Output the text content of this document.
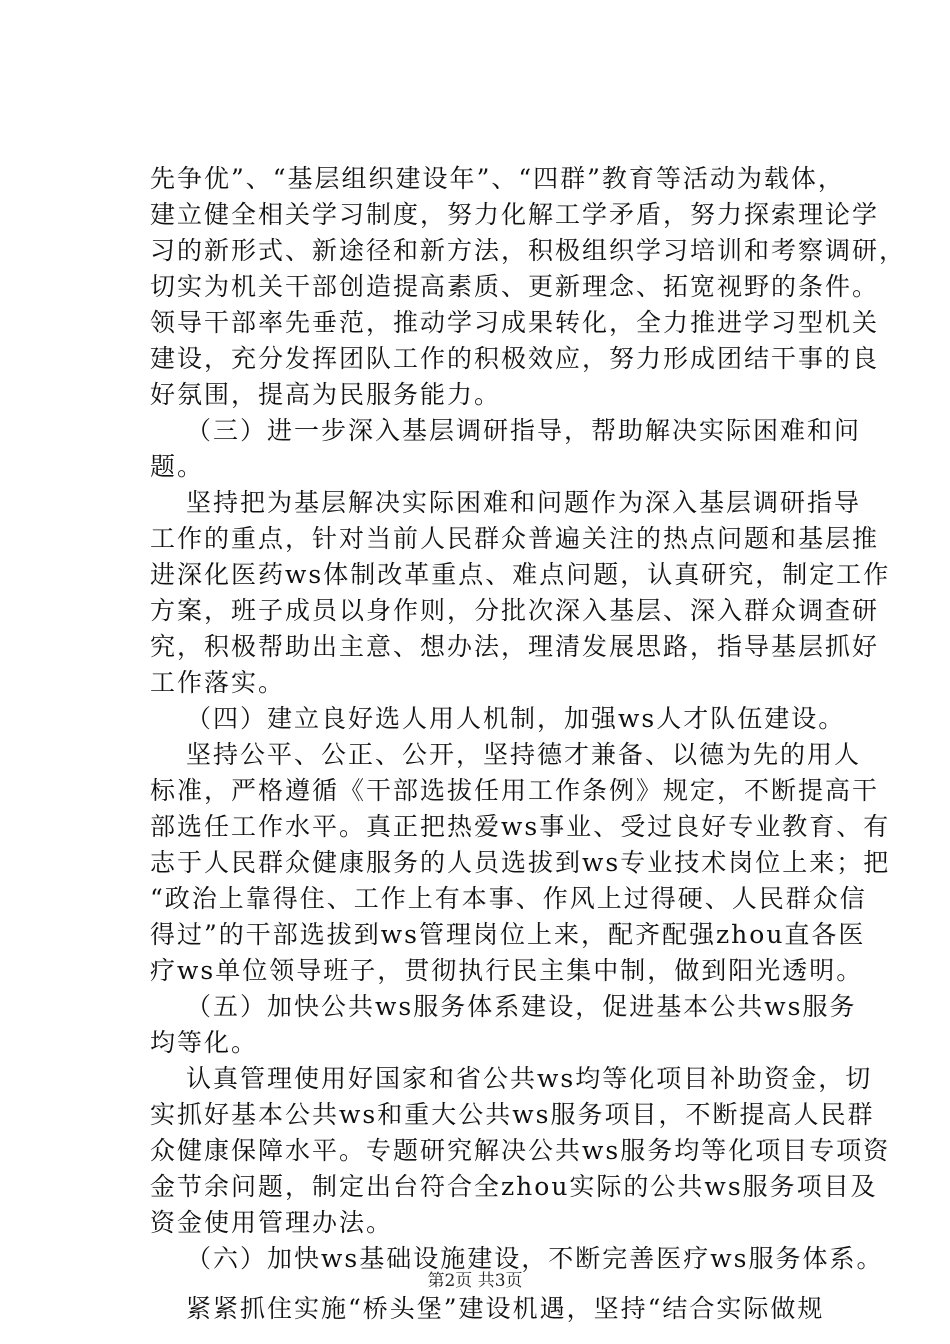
先争优”、“基层组织建设年”、“四群”教育等活动为载体，
建立健全相关学习制度，努力化解工学矛盾，努力探索理论学
习的新形式、新途径和新方法，积极组织学习培训和考察调研，
切实为机关干部创造提高素质、更新理念、拓宽视野的条件。
领导干部率先垂范，推动学习成果转化，全力推进学习型机关
建设，充分发挥团队工作的积极效应，努力形成团结干事的良
好氛围，提高为民服务能力。
（三）进一步深入基层调研指导，帮助解决实际困难和问
题。
坚持把为基层解决实际困难和问题作为深入基层调研指导
工作的重点，针对当前人民群众普遍关注的热点问题和基层推
进深化医药ws体制改革重点、难点问题，认真研究，制定工作
方案，班子成员以身作则，分批次深入基层、深入群众调查研
究，积极帮助出主意、想办法，理清发展思路，指导基层抓好
工作落实。
（四）建立良好选人用人机制，加强ws人才队伍建设。
坚持公平、公正、公开，坚持德才兼备、以德为先的用人
标准，严格遵循《干部选拔任用工作条例》规定，不断提高干
部选任工作水平。真正把热爱ws事业、受过良好专业教育、有
志于人民群众健康服务的人员选拔到ws专业技术岗位上来；把
“政治上靠得住、工作上有本事、作风上过得硬、人民群众信
得过”的干部选拔到ws管理岗位上来，配齐配强zhou直各医
疗ws单位领导班子，贯彻执行民主集中制，做到阳光透明。
（五）加快公共ws服务体系建设，促进基本公共ws服务
均等化。
认真管理使用好国家和省公共ws均等化项目补助资金，切
实抓好基本公共ws和重大公共ws服务项目，不断提高人民群
众健康保障水平。专题研究解决公共ws服务均等化项目专项资
金节余问题，制定出台符合全zhou实际的公共ws服务项目及
资金使用管理办法。
（六）加快ws基础设施建设，不断完善医疗ws服务体系。
紧紧抓住实施“桥头堡”建设机遇，坚持“结合实际做规
第2页 共3页
